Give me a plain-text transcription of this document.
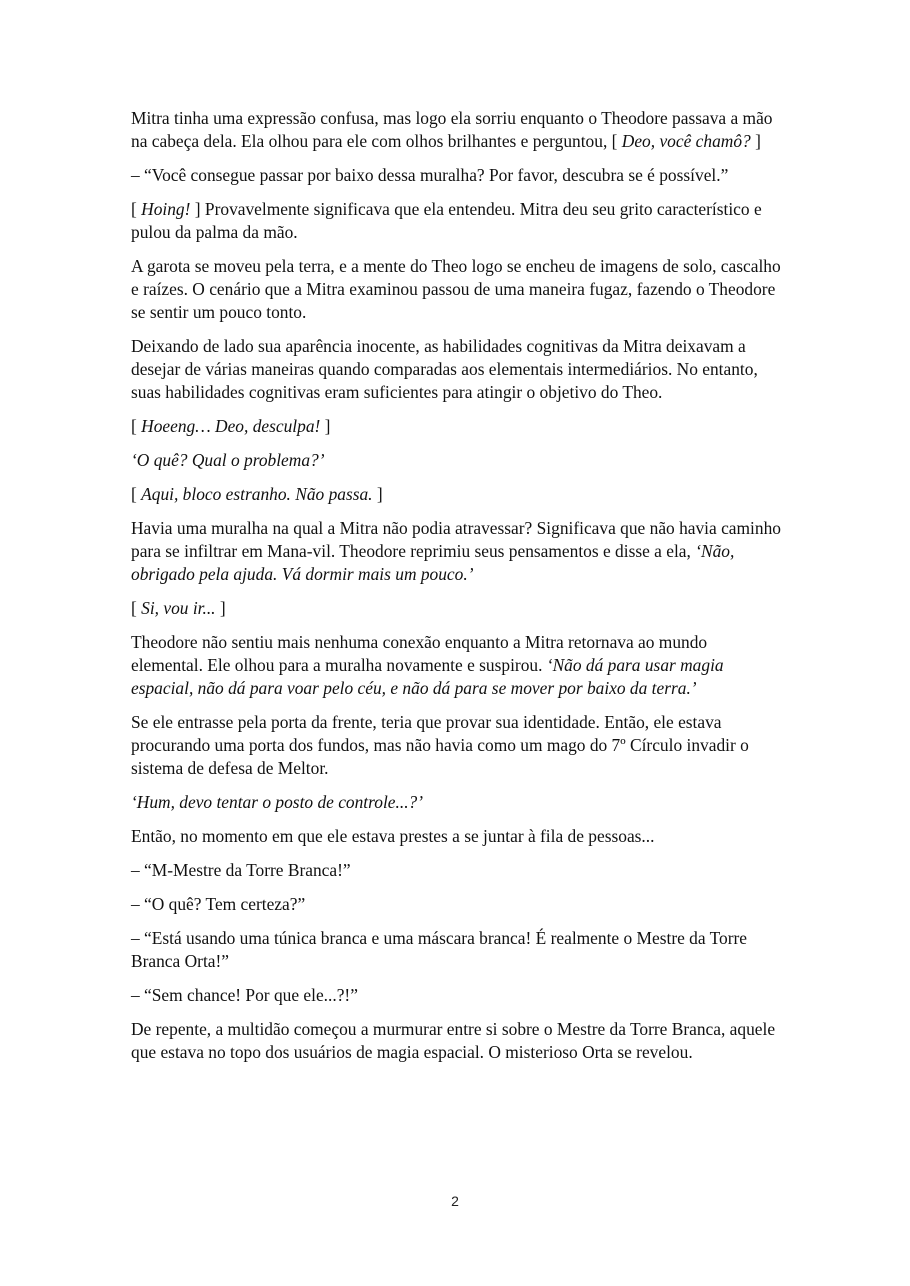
Mitra tinha uma expressão confusa, mas logo ela sorriu enquanto o Theodore passava a mão na cabeça dela. Ela olhou para ele com olhos brilhantes e perguntou, [ Deo, você chamô? ]

– “Você consegue passar por baixo dessa muralha? Por favor, descubra se é possível.”

[ Hoing! ] Provavelmente significava que ela entendeu. Mitra deu seu grito característico e pulou da palma da mão.

A garota se moveu pela terra, e a mente do Theo logo se encheu de imagens de solo, cascalho e raízes. O cenário que a Mitra examinou passou de uma maneira fugaz, fazendo o Theodore se sentir um pouco tonto.

Deixando de lado sua aparência inocente, as habilidades cognitivas da Mitra deixavam a desejar de várias maneiras quando comparadas aos elementais intermediários. No entanto, suas habilidades cognitivas eram suficientes para atingir o objetivo do Theo.

[ Hoeeng… Deo, desculpa! ]

‘O quê? Qual o problema?’

[ Aqui, bloco estranho. Não passa. ]

Havia uma muralha na qual a Mitra não podia atravessar? Significava que não havia caminho para se infiltrar em Mana-vil. Theodore reprimiu seus pensamentos e disse a ela, ‘Não, obrigado pela ajuda. Vá dormir mais um pouco.’

[ Si, vou ir... ]

Theodore não sentiu mais nenhuma conexão enquanto a Mitra retornava ao mundo elemental. Ele olhou para a muralha novamente e suspirou. ‘Não dá para usar magia espacial, não dá para voar pelo céu, e não dá para se mover por baixo da terra.’

Se ele entrasse pela porta da frente, teria que provar sua identidade. Então, ele estava procurando uma porta dos fundos, mas não havia como um mago do 7º Círculo invadir o sistema de defesa de Meltor.

‘Hum, devo tentar o posto de controle...?’

Então, no momento em que ele estava prestes a se juntar à fila de pessoas...

– “M-Mestre da Torre Branca!”

– “O quê? Tem certeza?”

– “Está usando uma túnica branca e uma máscara branca! É realmente o Mestre da Torre Branca Orta!”

– “Sem chance! Por que ele...?!”

De repente, a multidão começou a murmurar entre si sobre o Mestre da Torre Branca, aquele que estava no topo dos usuários de magia espacial. O misterioso Orta se revelou.

2
